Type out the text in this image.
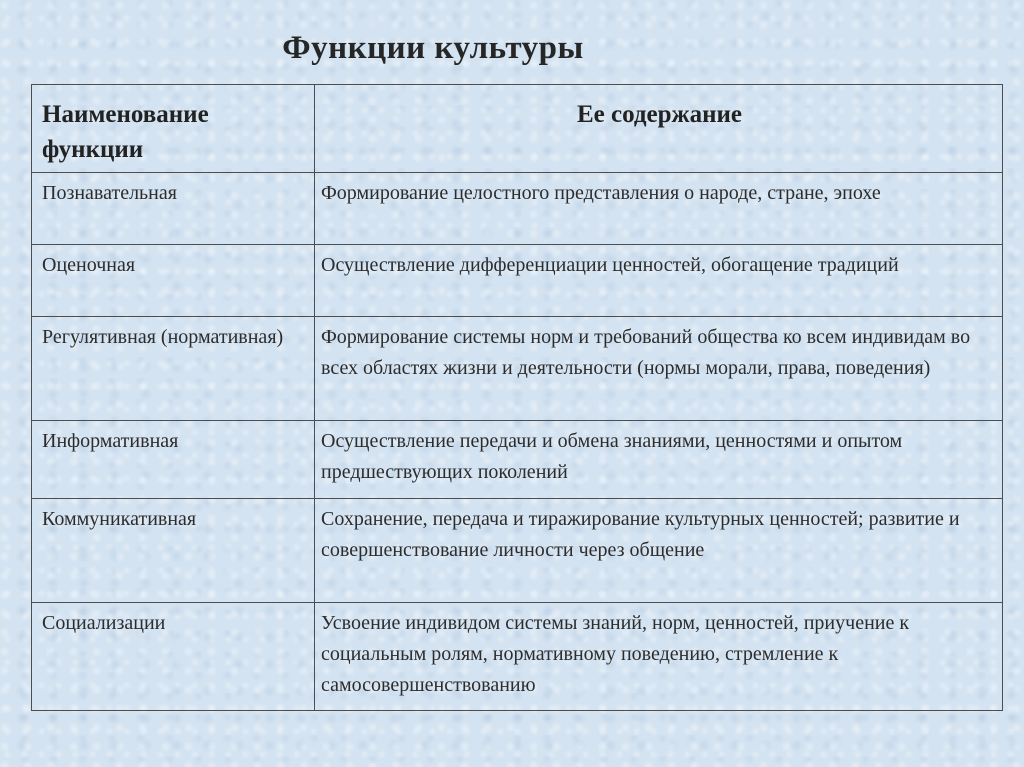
Функции культуры
Наименование функции	Ее содержание
Познавательная	Формирование целостного представления о народе, стране, эпохе
Оценочная	Осуществление дифференциации ценностей, обогащение традиций
Регулятивная (нормативная)	Формирование системы норм и требований общества ко всем индивидам во всех областях жизни и деятельности (нормы морали, права, поведения)
Информативная	Осуществление передачи и обмена знаниями, ценностями и опытом предшествующих поколений
Коммуникативная	Сохранение, передача и тиражирование культурных ценностей; развитие и совершенствование личности через общение
Социализации	Усвоение индивидом системы знаний, норм, ценностей, приучение к социальным ролям, нормативному поведению, стремление к самосовершенствованию
